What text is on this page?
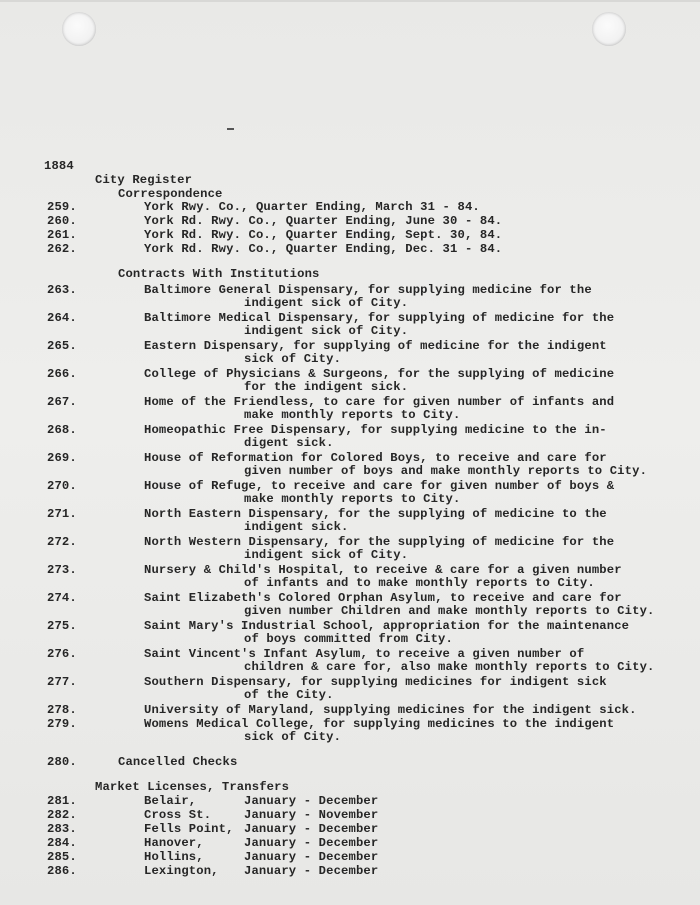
1884
City Register
Correspondence
259.	York Rwy. Co., Quarter Ending, March 31 - 84.
260.	York Rd. Rwy. Co., Quarter Ending, June 30 - 84.
261.	York Rd. Rwy. Co., Quarter Ending, Sept. 30, 84.
262.	York Rd. Rwy. Co., Quarter Ending, Dec. 31 - 84.
Contracts With Institutions
263.	Baltimore General Dispensary, for supplying medicine for the
indigent sick of City.
264.	Baltimore Medical Dispensary, for supplying of medicine for the
indigent sick of City.
265.	Eastern Dispensary, for supplying of medicine for the indigent
sick of City.
266.	College of Physicians & Surgeons, for the supplying of medicine
for the indigent sick.
267.	Home of the Friendless, to care for given number of infants and
make monthly reports to City.
268.	Homeopathic Free Dispensary, for supplying medicine to the in-
digent sick.
269.	House of Reformation for Colored Boys, to receive and care for
given number of boys and make monthly reports to City.
270.	House of Refuge, to receive and care for given number of boys &
make monthly reports to City.
271.	North Eastern Dispensary, for the supplying of medicine to the
indigent sick.
272.	North Western Dispensary, for the supplying of medicine for the
indigent sick of City.
273.	Nursery & Child's Hospital, to receive & care for a given number
of infants and to make monthly reports to City.
274.	Saint Elizabeth's Colored Orphan Asylum, to receive and care for
given number Children and make monthly reports to City.
275.	Saint Mary's Industrial School, appropriation for the maintenance
of boys committed from City.
276.	Saint Vincent's Infant Asylum, to receive a given number of
children & care for, also make monthly reports to City.
277.	Southern Dispensary, for supplying medicines for indigent sick
of the City.
278.	University of Maryland, supplying medicines for the indigent sick.
279.	Womens Medical College, for supplying medicines to the indigent
sick of City.
280.	Cancelled Checks
Market Licenses, Transfers
281.	Belair,	January - December
282.	Cross St.	January - November
283.	Fells Point, January - December
284.	Hanover,	January - December
285.	Hollins,	January - December
286.	Lexington, January - December
